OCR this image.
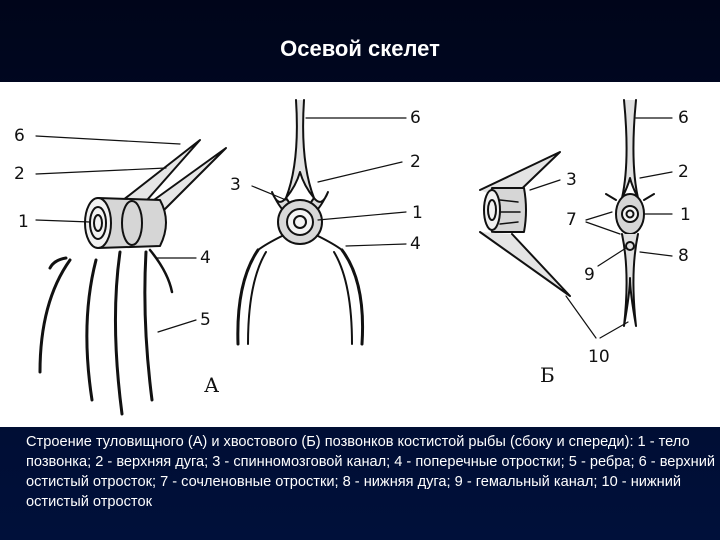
Осевой скелет
6
2
1
3
4
5
А
6
2
1
4
3
7
9
10
Б
6
2
1
8
Строение туловищного (А) и хвостового (Б) позвонков костистой рыбы (сбоку и спереди): 1 - тело позвонка; 2 - верхняя дуга; 3 - спинномозговой канал; 4 - поперечные отростки; 5 - ребра; 6 - верхний остистый отросток; 7 - сочленовные отростки; 8 - нижняя дуга; 9 - гемальный канал; 10 - нижний остистый отросток
